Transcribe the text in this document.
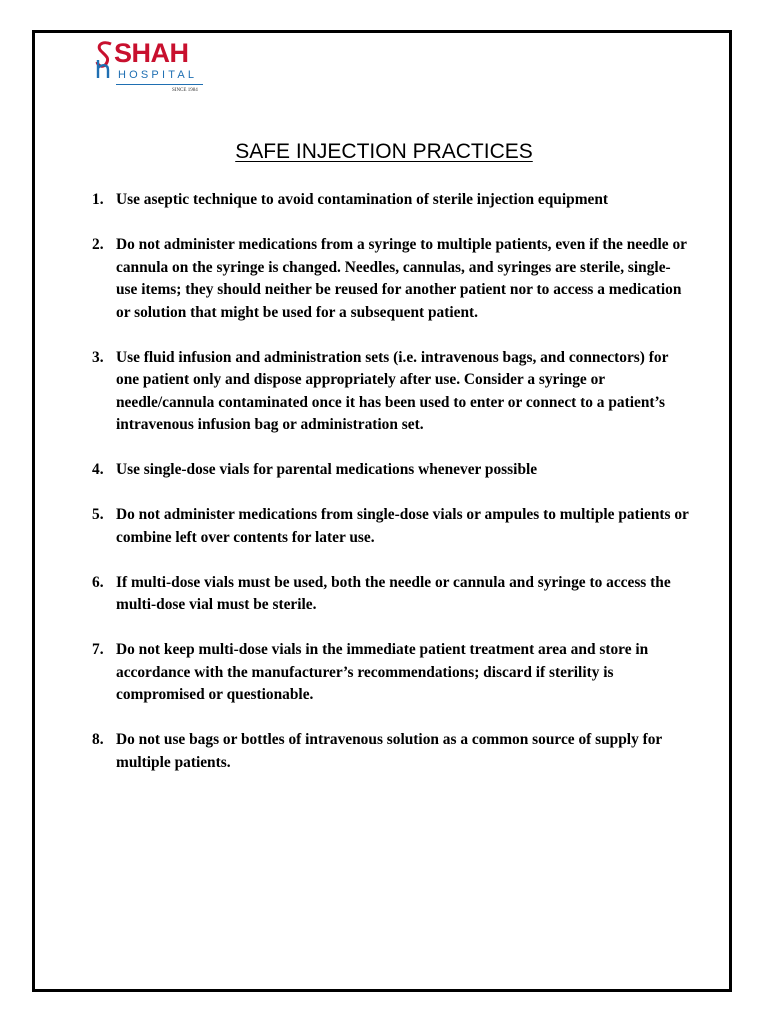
SHAH
HOSPITAL
SINCE 1984
SAFE INJECTION PRACTICES
1. Use aseptic technique to avoid contamination of sterile injection equipment
2. Do not administer medications from a syringe to multiple patients, even if the needle or cannula on the syringe is changed. Needles, cannulas, and syringes are sterile, single-use items; they should neither be reused for another patient nor to access a medication or solution that might be used for a subsequent patient.
3. Use fluid infusion and administration sets (i.e. intravenous bags, and connectors) for one patient only and dispose appropriately after use. Consider a syringe or needle/cannula contaminated once it has been used to enter or connect to a patient’s intravenous infusion bag or administration set.
4. Use single-dose vials for parental medications whenever possible
5. Do not administer medications from single-dose vials or ampules to multiple patients or combine left over contents for later use.
6. If multi-dose vials must be used, both the needle or cannula and syringe to access the multi-dose vial must be sterile.
7. Do not keep multi-dose vials in the immediate patient treatment area and store in accordance with the manufacturer’s recommendations; discard if sterility is compromised or questionable.
8. Do not use bags or bottles of intravenous solution as a common source of supply for multiple patients.
